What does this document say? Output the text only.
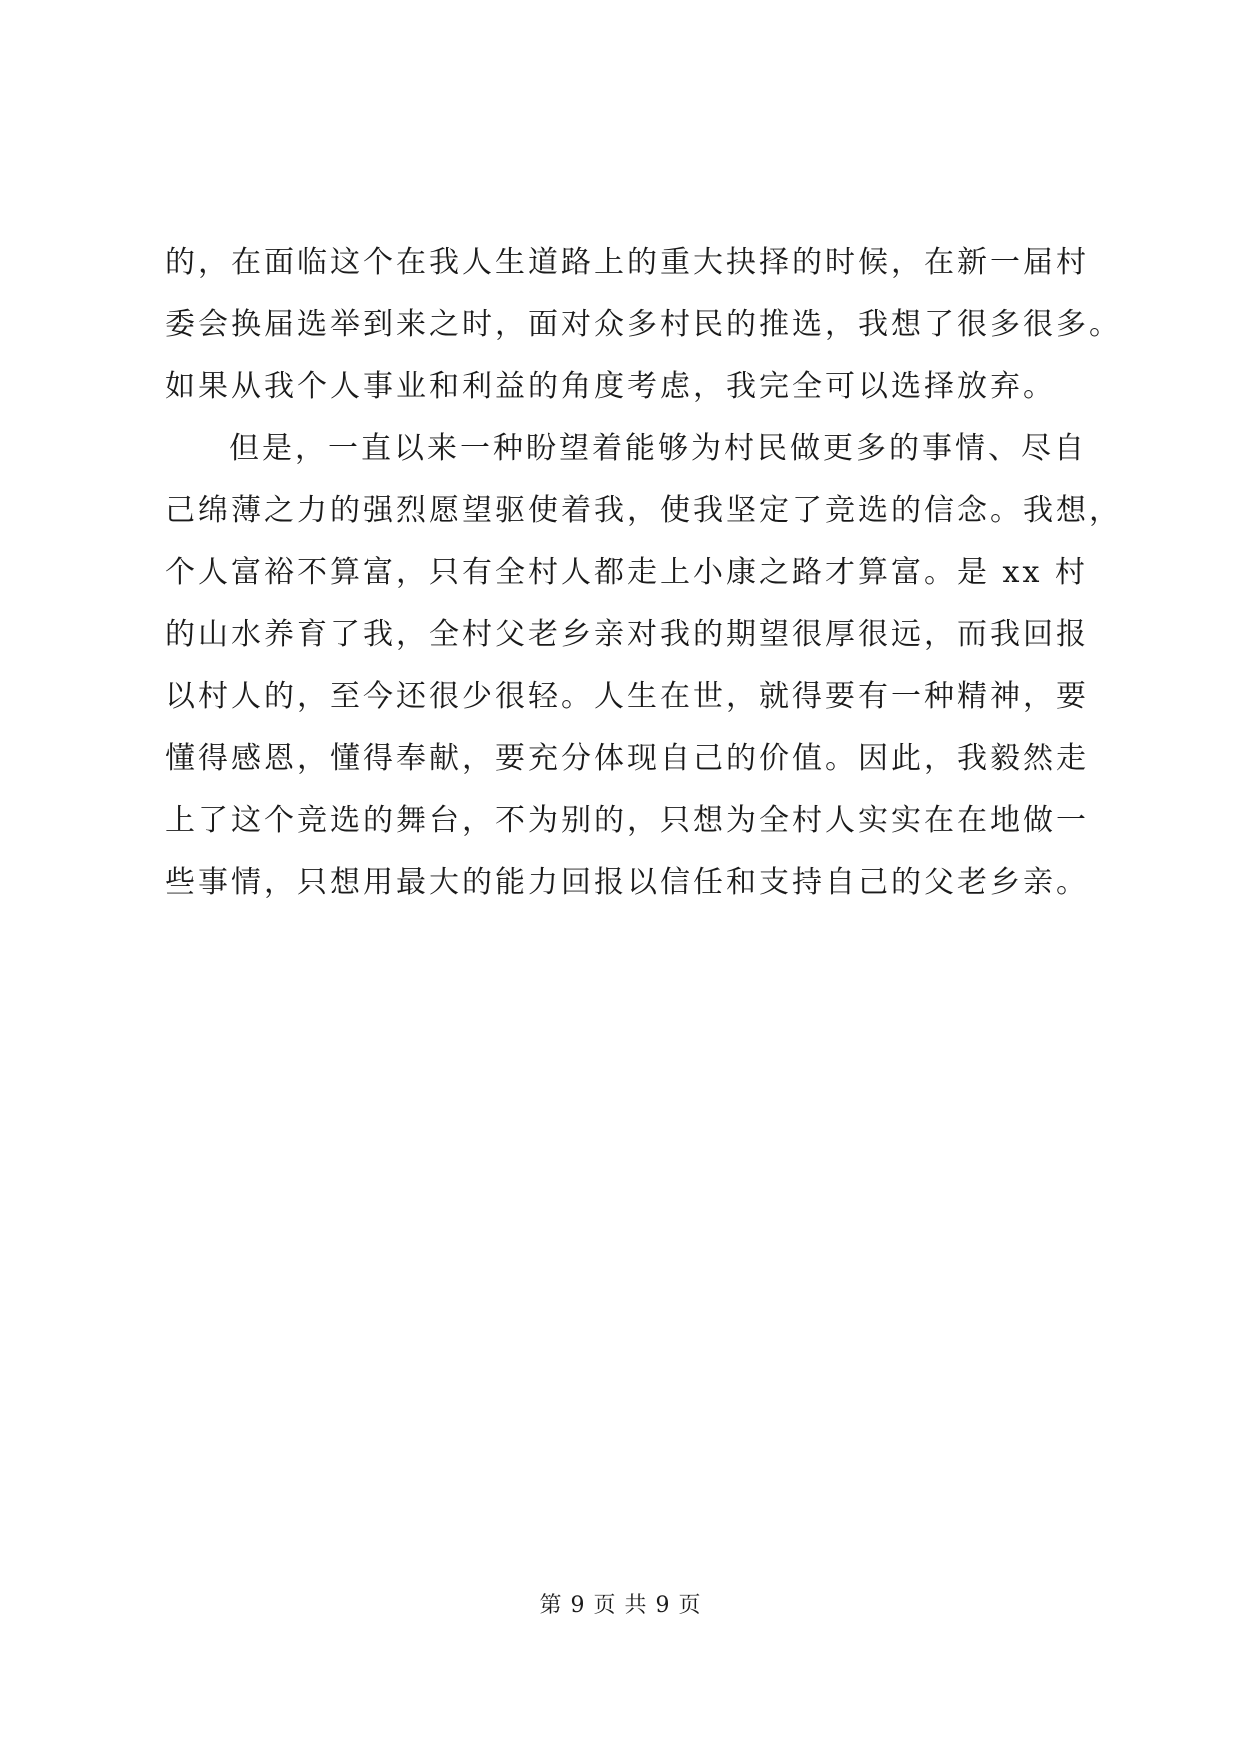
的，在面临这个在我人生道路上的重大抉择的时候，在新一届村
委会换届选举到来之时，面对众多村民的推选，我想了很多很多。
如果从我个人事业和利益的角度考虑，我完全可以选择放弃。
但是，一直以来一种盼望着能够为村民做更多的事情、尽自
己绵薄之力的强烈愿望驱使着我，使我坚定了竞选的信念。我想，
个人富裕不算富，只有全村人都走上小康之路才算富。是 xx 村
的山水养育了我，全村父老乡亲对我的期望很厚很远，而我回报
以村人的，至今还很少很轻。人生在世，就得要有一种精神，要
懂得感恩，懂得奉献，要充分体现自己的价值。因此，我毅然走
上了这个竞选的舞台，不为别的，只想为全村人实实在在地做一
些事情，只想用最大的能力回报以信任和支持自己的父老乡亲。
第 9 页 共 9 页
